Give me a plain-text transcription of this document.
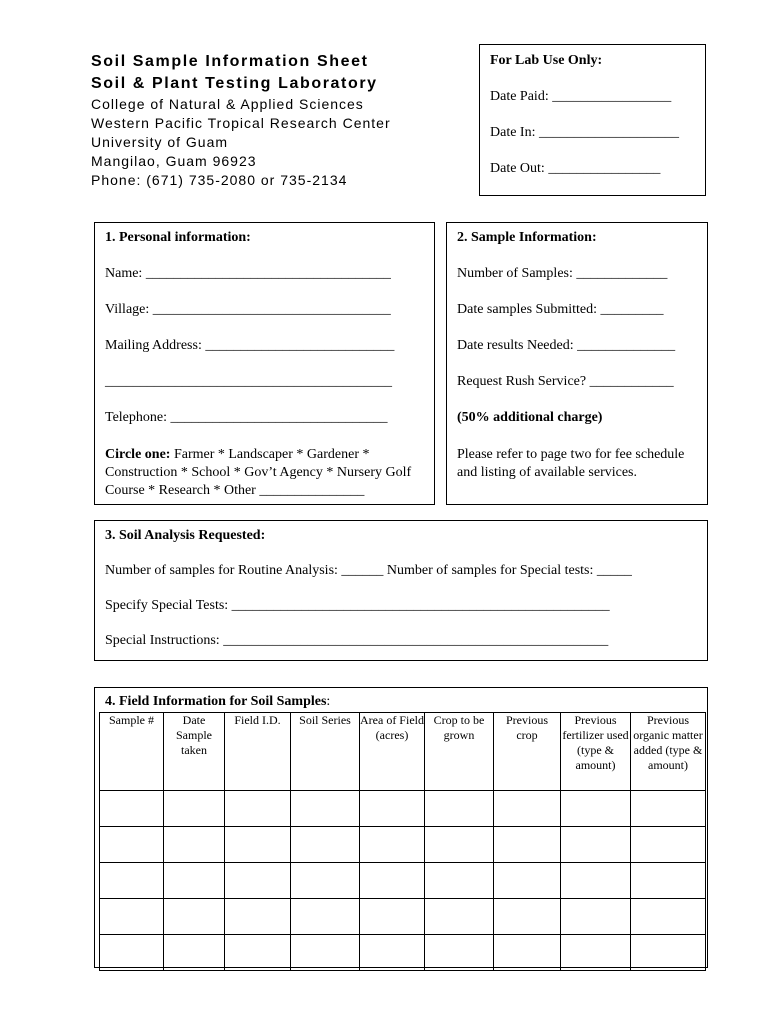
Soil Sample Information Sheet
Soil & Plant Testing Laboratory
College of Natural & Applied Sciences
Western Pacific Tropical Research Center
University of Guam
Mangilao, Guam 96923
Phone: (671) 735-2080 or 735-2134
For Lab Use Only:
Date Paid: _________________
Date In: ____________________
Date Out: ________________
1. Personal information:
Name: ___________________________________
Village: __________________________________
Mailing Address: ___________________________
_________________________________________
Telephone: _______________________________
Circle one: Farmer * Landscaper * Gardener * Construction * School * Gov’t Agency * Nursery Golf Course * Research * Other _______________
2. Sample Information:
Number of Samples: _____________
Date samples Submitted: _________
Date results Needed: ______________
Request Rush Service? ____________
(50% additional charge)
Please refer to page two for fee schedule and listing of available services.
3. Soil Analysis Requested:
Number of samples for Routine Analysis: ______ Number of samples for Special tests: _____
Specify Special Tests: ______________________________________________________
Special Instructions: _______________________________________________________
4. Field Information for Soil Samples:
Sample #	Date Sample taken	Field I.D.	Soil Series	Area of Field (acres)	Crop to be grown	Previous crop	Previous fertilizer used (type & amount)	Previous organic matter added (type & amount)
